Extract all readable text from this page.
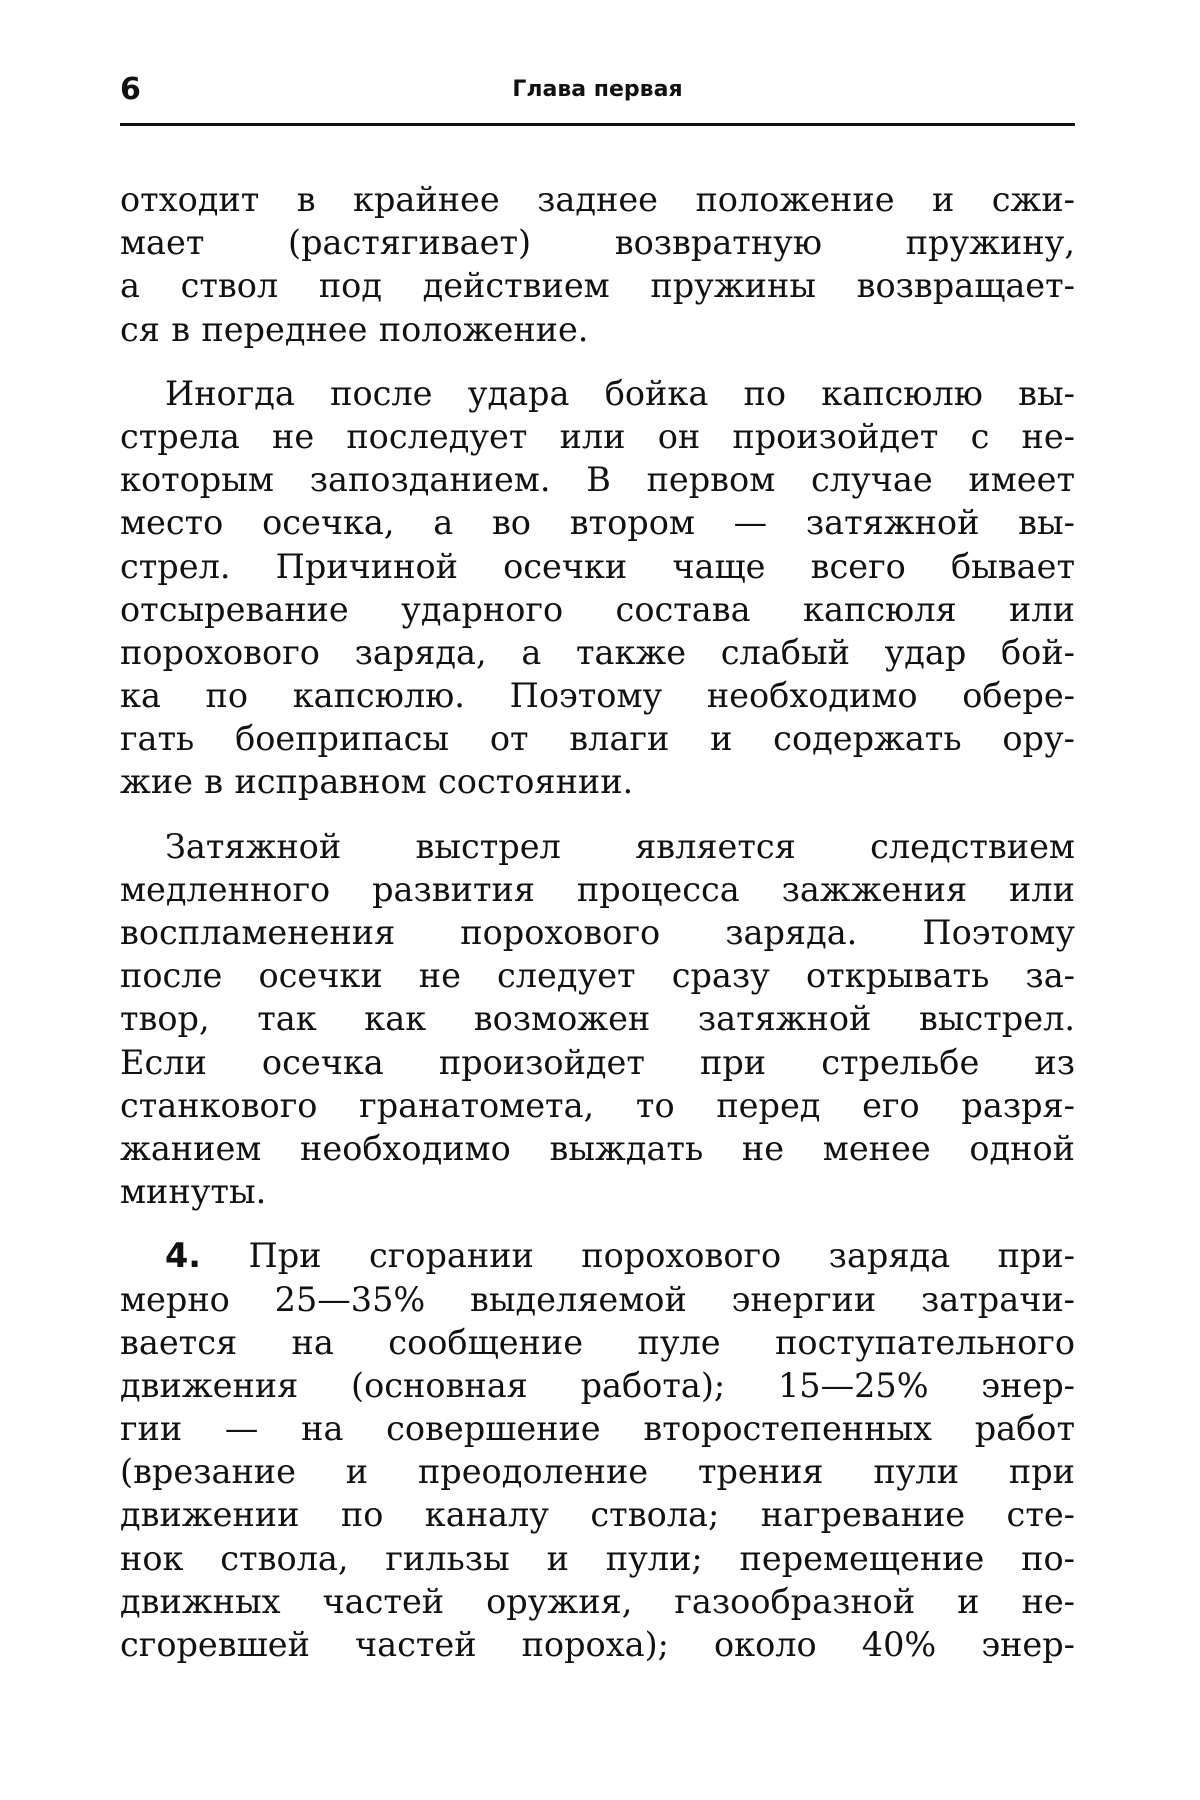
6	Глава первая

отходит в крайнее заднее положение и сжи-
мает (растягивает) возвратную пружину,
а ствол под действием пружины возвращает-
ся в переднее положение.

Иногда после удара бойка по капсюлю вы-
стрела не последует или он произойдет с не-
которым запозданием. В первом случае имеет
место осечка, а во втором — затяжной вы-
стрел. Причиной осечки чаще всего бывает
отсыревание ударного состава капсюля или
порохового заряда, а также слабый удар бой-
ка по капсюлю. Поэтому необходимо обере-
гать боеприпасы от влаги и содержать ору-
жие в исправном состоянии.

Затяжной выстрел является следствием
медленного развития процесса зажжения или
воспламенения порохового заряда. Поэтому
после осечки не следует сразу открывать за-
твор, так как возможен затяжной выстрел.
Если осечка произойдет при стрельбе из
станкового гранатомета, то перед его разря-
жанием необходимо выждать не менее одной
минуты.

4. При сгорании порохового заряда при-
мерно 25—35% выделяемой энергии затрачи-
вается на сообщение пуле поступательного
движения (основная работа); 15—25% энер-
гии — на совершение второстепенных работ
(врезание и преодоление трения пули при
движении по каналу ствола; нагревание сте-
нок ствола, гильзы и пули; перемещение по-
движных частей оружия, газообразной и не-
сгоревшей частей пороха); около 40% энер-
